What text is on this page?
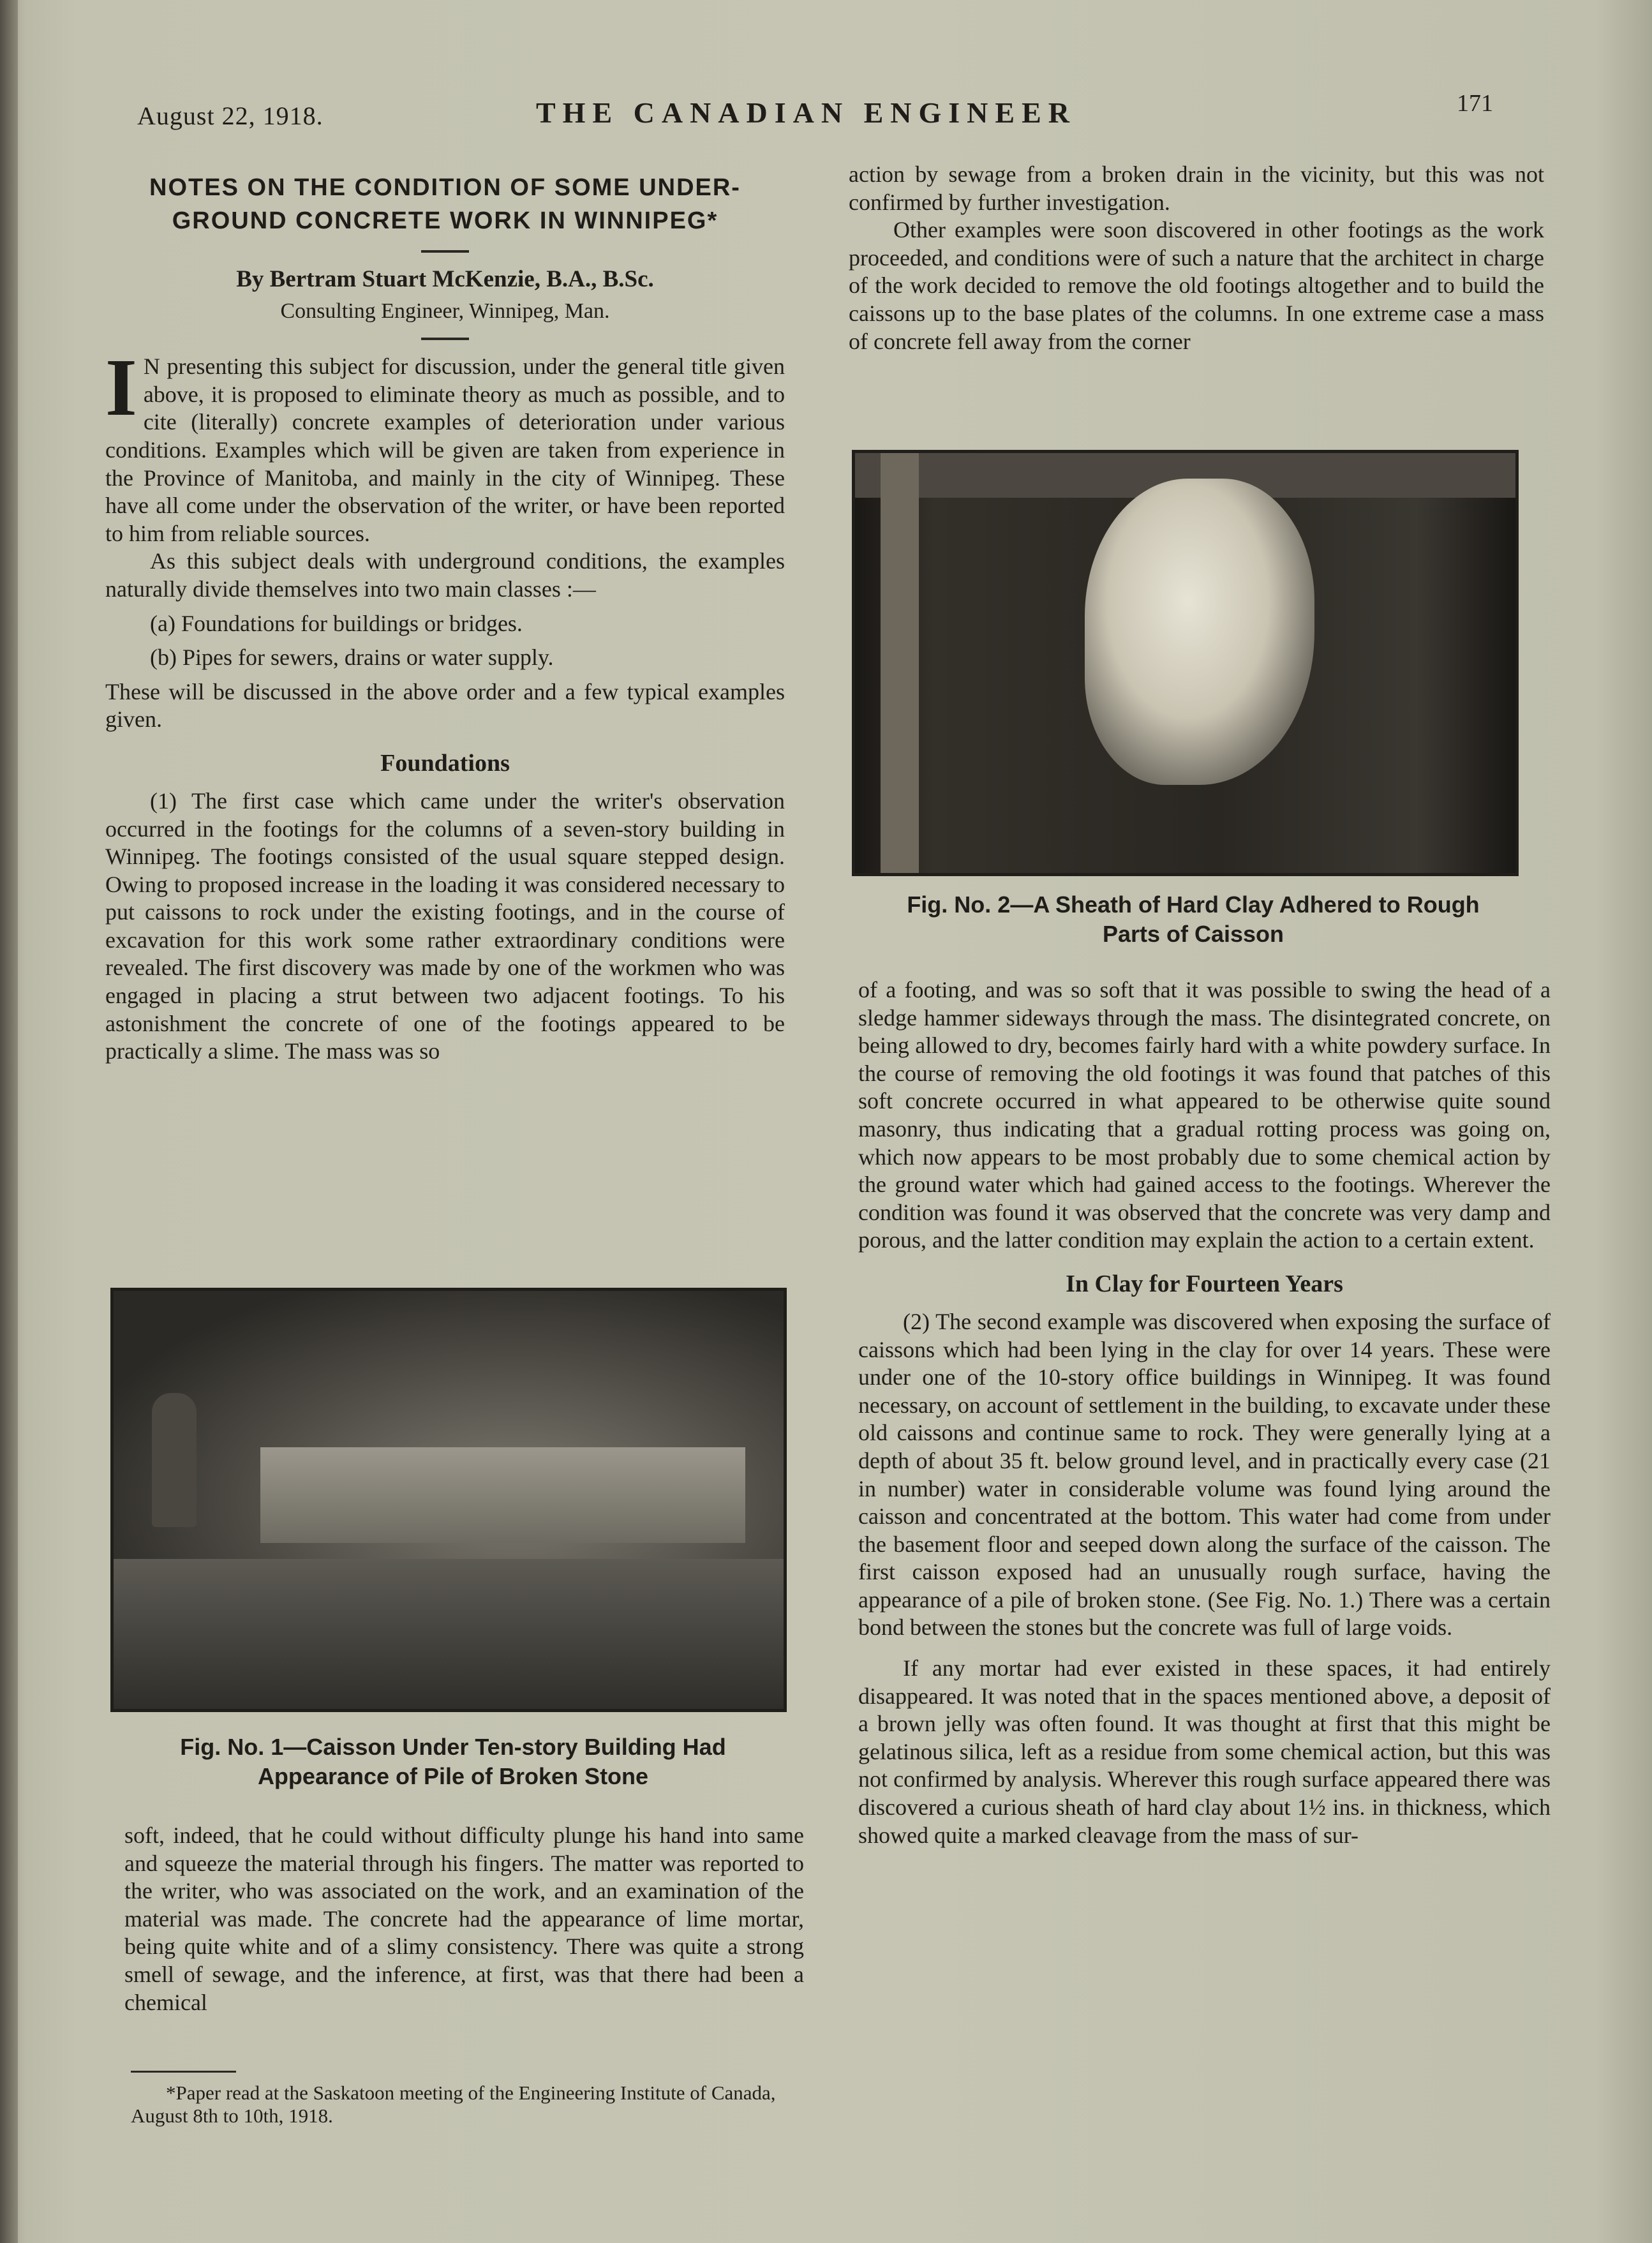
August 22, 1918.	THE CANADIAN ENGINEER	171

NOTES ON THE CONDITION OF SOME UNDER-

GROUND CONCRETE WORK IN WINNIPEG*

By Bertram Stuart McKenzie, B.A., B.Sc.

Consulting Engineer, Winnipeg, Man.

I N presenting this subject for discussion, under the general title given above, it is proposed to eliminate theory as much as possible, and to cite (literally) concrete examples of deterioration under various conditions. Examples which will be given are taken from experience in the Province of Manitoba, and mainly in the city of Winnipeg. These have all come under the observation of the writer, or have been reported to him from reliable sources.

As this subject deals with underground conditions, the examples naturally divide themselves into two main classes :—

(a) Foundations for buildings or bridges.
(b) Pipes for sewers, drains or water supply.

These will be discussed in the above order and a few typical examples given.

Foundations

(1) The first case which came under the writer's observation occurred in the footings for the columns of a seven-story building in Winnipeg. The footings consisted of the usual square stepped design. Owing to proposed increase in the loading it was considered necessary to put caissons to rock under the existing footings, and in the course of excavation for this work some rather extraordinary conditions were revealed. The first discovery was made by one of the workmen who was engaged in placing a strut between two adjacent footings. To his astonishment the concrete of one of the footings appeared to be practically a slime. The mass was so

Fig. No. 1—Caisson Under Ten-story Building Had
Appearance of Pile of Broken Stone

soft, indeed, that he could without difficulty plunge his hand into same and squeeze the material through his fingers. The matter was reported to the writer, who was associated on the work, and an examination of the material was made. The concrete had the appearance of lime mortar, being quite white and of a slimy consistency. There was quite a strong smell of sewage, and the inference, at first, was that there had been a chemical

*Paper read at the Saskatoon meeting of the Engineering Institute of Canada, August 8th to 10th, 1918.

action by sewage from a broken drain in the vicinity, but this was not confirmed by further investigation.

Other examples were soon discovered in other footings as the work proceeded, and conditions were of such a nature that the architect in charge of the work decided to remove the old footings altogether and to build the caissons up to the base plates of the columns. In one extreme case a mass of concrete fell away from the corner

Fig. No. 2—A Sheath of Hard Clay Adhered to Rough
Parts of Caisson

of a footing, and was so soft that it was possible to swing the head of a sledge hammer sideways through the mass. The disintegrated concrete, on being allowed to dry, becomes fairly hard with a white powdery surface. In the course of removing the old footings it was found that patches of this soft concrete occurred in what appeared to be otherwise quite sound masonry, thus indicating that a gradual rotting process was going on, which now appears to be most probably due to some chemical action by the ground water which had gained access to the footings. Wherever the condition was found it was observed that the concrete was very damp and porous, and the latter condition may explain the action to a certain extent.

In Clay for Fourteen Years

(2) The second example was discovered when exposing the surface of caissons which had been lying in the clay for over 14 years. These were under one of the 10-story office buildings in Winnipeg. It was found necessary, on account of settlement in the building, to excavate under these old caissons and continue same to rock. They were generally lying at a depth of about 35 ft. below ground level, and in practically every case (21 in number) water in considerable volume was found lying around the caisson and concentrated at the bottom. This water had come from under the basement floor and seeped down along the surface of the caisson. The first caisson exposed had an unusually rough surface, having the appearance of a pile of broken stone. (See Fig. No. 1.) There was a certain bond between the stones but the concrete was full of large voids.

If any mortar had ever existed in these spaces, it had entirely disappeared. It was noted that in the spaces mentioned above, a deposit of a brown jelly was often found. It was thought at first that this might be gelatinous silica, left as a residue from some chemical action, but this was not confirmed by analysis. Wherever this rough surface appeared there was discovered a curious sheath of hard clay about 1½ ins. in thickness, which showed quite a marked cleavage from the mass of sur-
